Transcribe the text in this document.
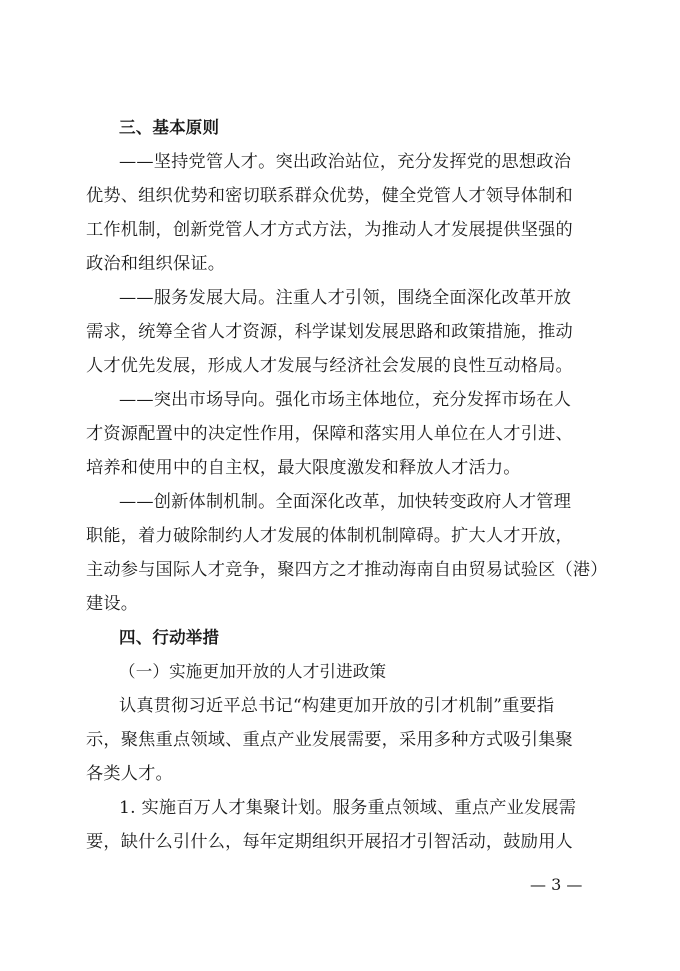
三、基本原则
——坚持党管人才。突出政治站位，充分发挥党的思想政治
优势、组织优势和密切联系群众优势，健全党管人才领导体制和
工作机制，创新党管人才方式方法，为推动人才发展提供坚强的
政治和组织保证。
——服务发展大局。注重人才引领，围绕全面深化改革开放
需求，统筹全省人才资源，科学谋划发展思路和政策措施，推动
人才优先发展，形成人才发展与经济社会发展的良性互动格局。
——突出市场导向。强化市场主体地位，充分发挥市场在人
才资源配置中的决定性作用，保障和落实用人单位在人才引进、
培养和使用中的自主权，最大限度激发和释放人才活力。
——创新体制机制。全面深化改革，加快转变政府人才管理
职能，着力破除制约人才发展的体制机制障碍。扩大人才开放，
主动参与国际人才竞争，聚四方之才推动海南自由贸易试验区（港）
建设。
四、行动举措
（一）实施更加开放的人才引进政策
认真贯彻习近平总书记“构建更加开放的引才机制”重要指
示，聚焦重点领域、重点产业发展需要，采用多种方式吸引集聚
各类人才。
1. 实施百万人才集聚计划。服务重点领域、重点产业发展需
要，缺什么引什么，每年定期组织开展招才引智活动，鼓励用人
— 3 —
